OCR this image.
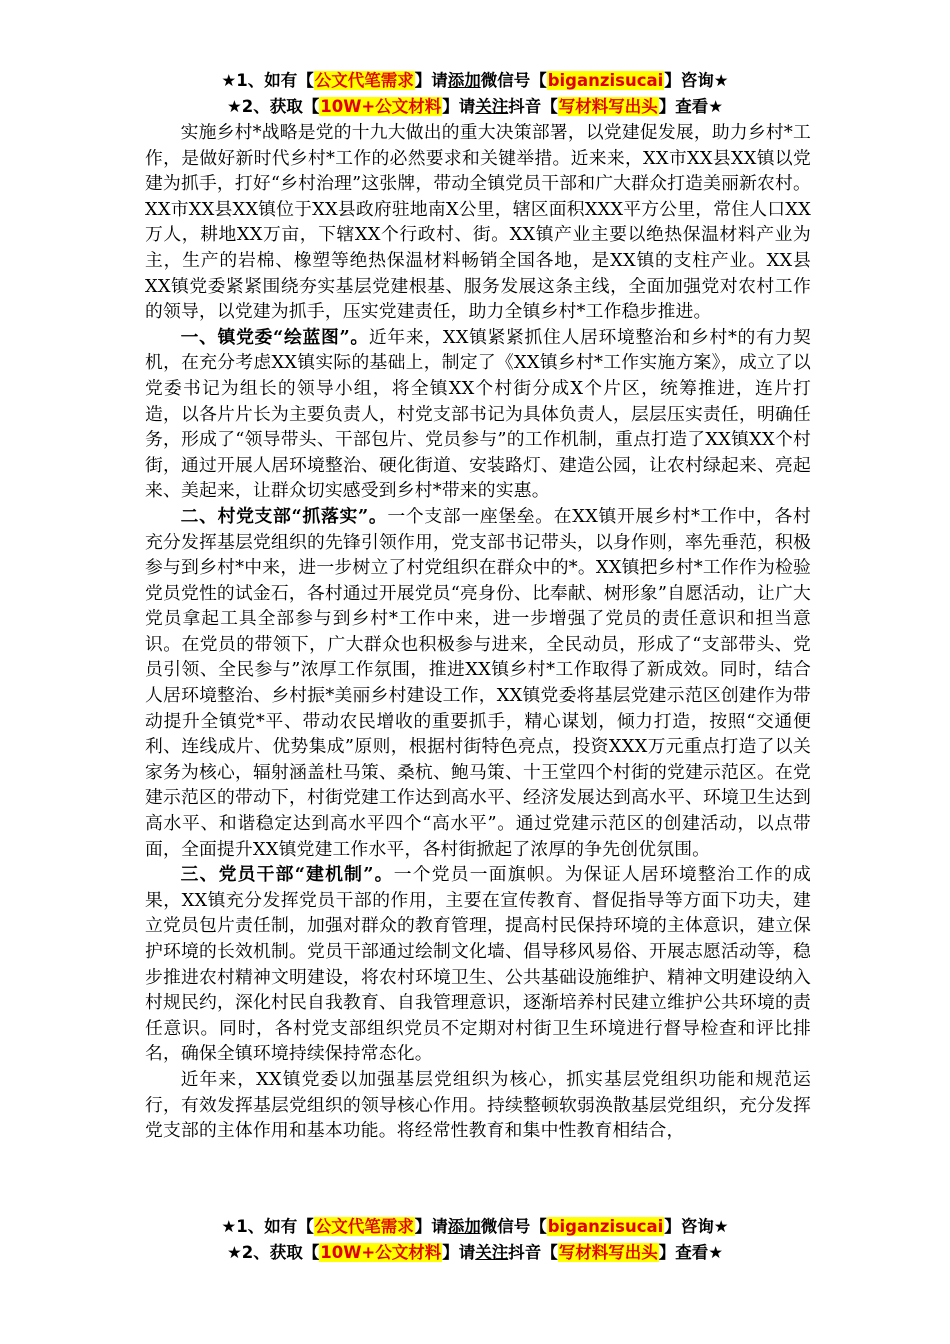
★1、如有【公文代笔需求】请添加微信号【biganzisucai】咨询★
★2、获取【10W+公文材料】请关注抖音【写材料写出头】查看★

实施乡村*战略是党的十九大做出的重大决策部署，以党建促发展，助力乡村*工作，是做好新时代乡村*工作的必然要求和关键举措。近来来，XX市XX县XX镇以党建为抓手，打好“乡村治理”这张牌，带动全镇党员干部和广大群众打造美丽新农村。XX市XX县XX镇位于XX县政府驻地南X公里，辖区面积XXX平方公里，常住人口XX万人，耕地XX万亩，下辖XX个行政村、街。XX镇产业主要以绝热保温材料产业为主，生产的岩棉、橡塑等绝热保温材料畅销全国各地，是XX镇的支柱产业。XX县XX镇党委紧紧围绕夯实基层党建根基、服务发展这条主线，全面加强党对农村工作的领导，以党建为抓手，压实党建责任，助力全镇乡村*工作稳步推进。

一、镇党委“绘蓝图”。近年来，XX镇紧紧抓住人居环境整治和乡村*的有力契机，在充分考虑XX镇实际的基础上，制定了《XX镇乡村*工作实施方案》，成立了以党委书记为组长的领导小组，将全镇XX个村街分成X个片区，统筹推进，连片打造，以各片片长为主要负责人，村党支部书记为具体负责人，层层压实责任，明确任务，形成了“领导带头、干部包片、党员参与”的工作机制，重点打造了XX镇XX个村街，通过开展人居环境整治、硬化街道、安装路灯、建造公园，让农村绿起来、亮起来、美起来，让群众切实感受到乡村*带来的实惠。

二、村党支部“抓落实”。一个支部一座堡垒。在XX镇开展乡村*工作中，各村充分发挥基层党组织的先锋引领作用，党支部书记带头，以身作则，率先垂范，积极参与到乡村*中来，进一步树立了村党组织在群众中的*。XX镇把乡村*工作作为检验党员党性的试金石，各村通过开展党员“亮身份、比奉献、树形象”自愿活动，让广大党员拿起工具全部参与到乡村*工作中来，进一步增强了党员的责任意识和担当意识。在党员的带领下，广大群众也积极参与进来，全民动员，形成了“支部带头、党员引领、全民参与”浓厚工作氛围，推进XX镇乡村*工作取得了新成效。同时，结合人居环境整治、乡村振*美丽乡村建设工作，XX镇党委将基层党建示范区创建作为带动提升全镇党*平、带动农民增收的重要抓手，精心谋划，倾力打造，按照“交通便利、连线成片、优势集成”原则，根据村街特色亮点，投资XXX万元重点打造了以关家务为核心，辐射涵盖杜马策、桑杭、鲍马策、十王堂四个村街的党建示范区。在党建示范区的带动下，村街党建工作达到高水平、经济发展达到高水平、环境卫生达到高水平、和谐稳定达到高水平四个“高水平”。通过党建示范区的创建活动，以点带面，全面提升XX镇党建工作水平，各村街掀起了浓厚的争先创优氛围。

三、党员干部“建机制”。一个党员一面旗帜。为保证人居环境整治工作的成果，XX镇充分发挥党员干部的作用，主要在宣传教育、督促指导等方面下功夫，建立党员包片责任制，加强对群众的教育管理，提高村民保持环境的主体意识，建立保护环境的长效机制。党员干部通过绘制文化墙、倡导移风易俗、开展志愿活动等，稳步推进农村精神文明建设，将农村环境卫生、公共基础设施维护、精神文明建设纳入村规民约，深化村民自我教育、自我管理意识，逐渐培养村民建立维护公共环境的责任意识。同时，各村党支部组织党员不定期对村街卫生环境进行督导检查和评比排名，确保全镇环境持续保持常态化。

近年来，XX镇党委以加强基层党组织为核心，抓实基层党组织功能和规范运行，有效发挥基层党组织的领导核心作用。持续整顿软弱涣散基层党组织，充分发挥党支部的主体作用和基本功能。将经常性教育和集中性教育相结合，

★1、如有【公文代笔需求】请添加微信号【biganzisucai】咨询★
★2、获取【10W+公文材料】请关注抖音【写材料写出头】查看★
